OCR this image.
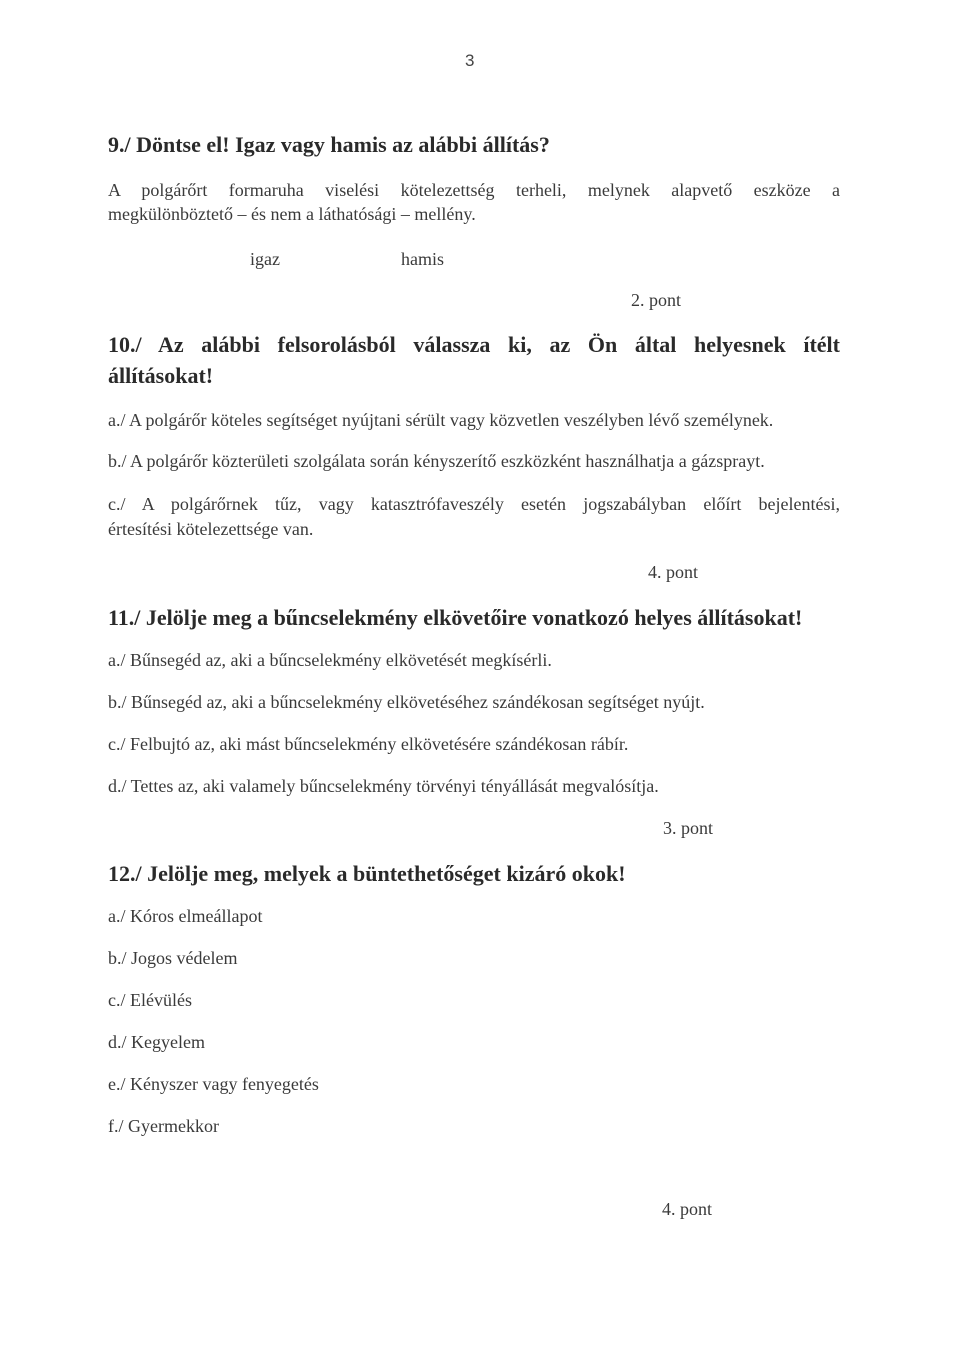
3
9./ Döntse el! Igaz vagy hamis az alábbi állítás?
A polgárőrt formaruha viselési kötelezettség terheli, melynek alapvető eszköze a
megkülönböztető – és nem a láthatósági – mellény.
igaz	hamis
2. pont
10./ Az alábbi felsorolásból válassza ki, az Ön által helyesnek ítélt
állításokat!
a./ A polgárőr köteles segítséget nyújtani sérült vagy közvetlen veszélyben lévő személynek.
b./ A polgárőr közterületi szolgálata során kényszerítő eszközként használhatja a gázsprayt.
c./ A polgárőrnek tűz, vagy katasztrófaveszély esetén jogszabályban előírt bejelentési,
értesítési kötelezettsége van.
4. pont
11./ Jelölje meg a bűncselekmény elkövetőire vonatkozó helyes állításokat!
a./ Bűnsegéd az, aki a bűncselekmény elkövetését megkísérli.
b./ Bűnsegéd az, aki a bűncselekmény elkövetéséhez szándékosan segítséget nyújt.
c./ Felbujtó az, aki mást bűncselekmény elkövetésére szándékosan rábír.
d./ Tettes az, aki valamely bűncselekmény törvényi tényállását megvalósítja.
3. pont
12./ Jelölje meg, melyek a büntethetőséget kizáró okok!
a./ Kóros elmeállapot
b./ Jogos védelem
c./ Elévülés
d./ Kegyelem
e./ Kényszer vagy fenyegetés
f./ Gyermekkor
4. pont
